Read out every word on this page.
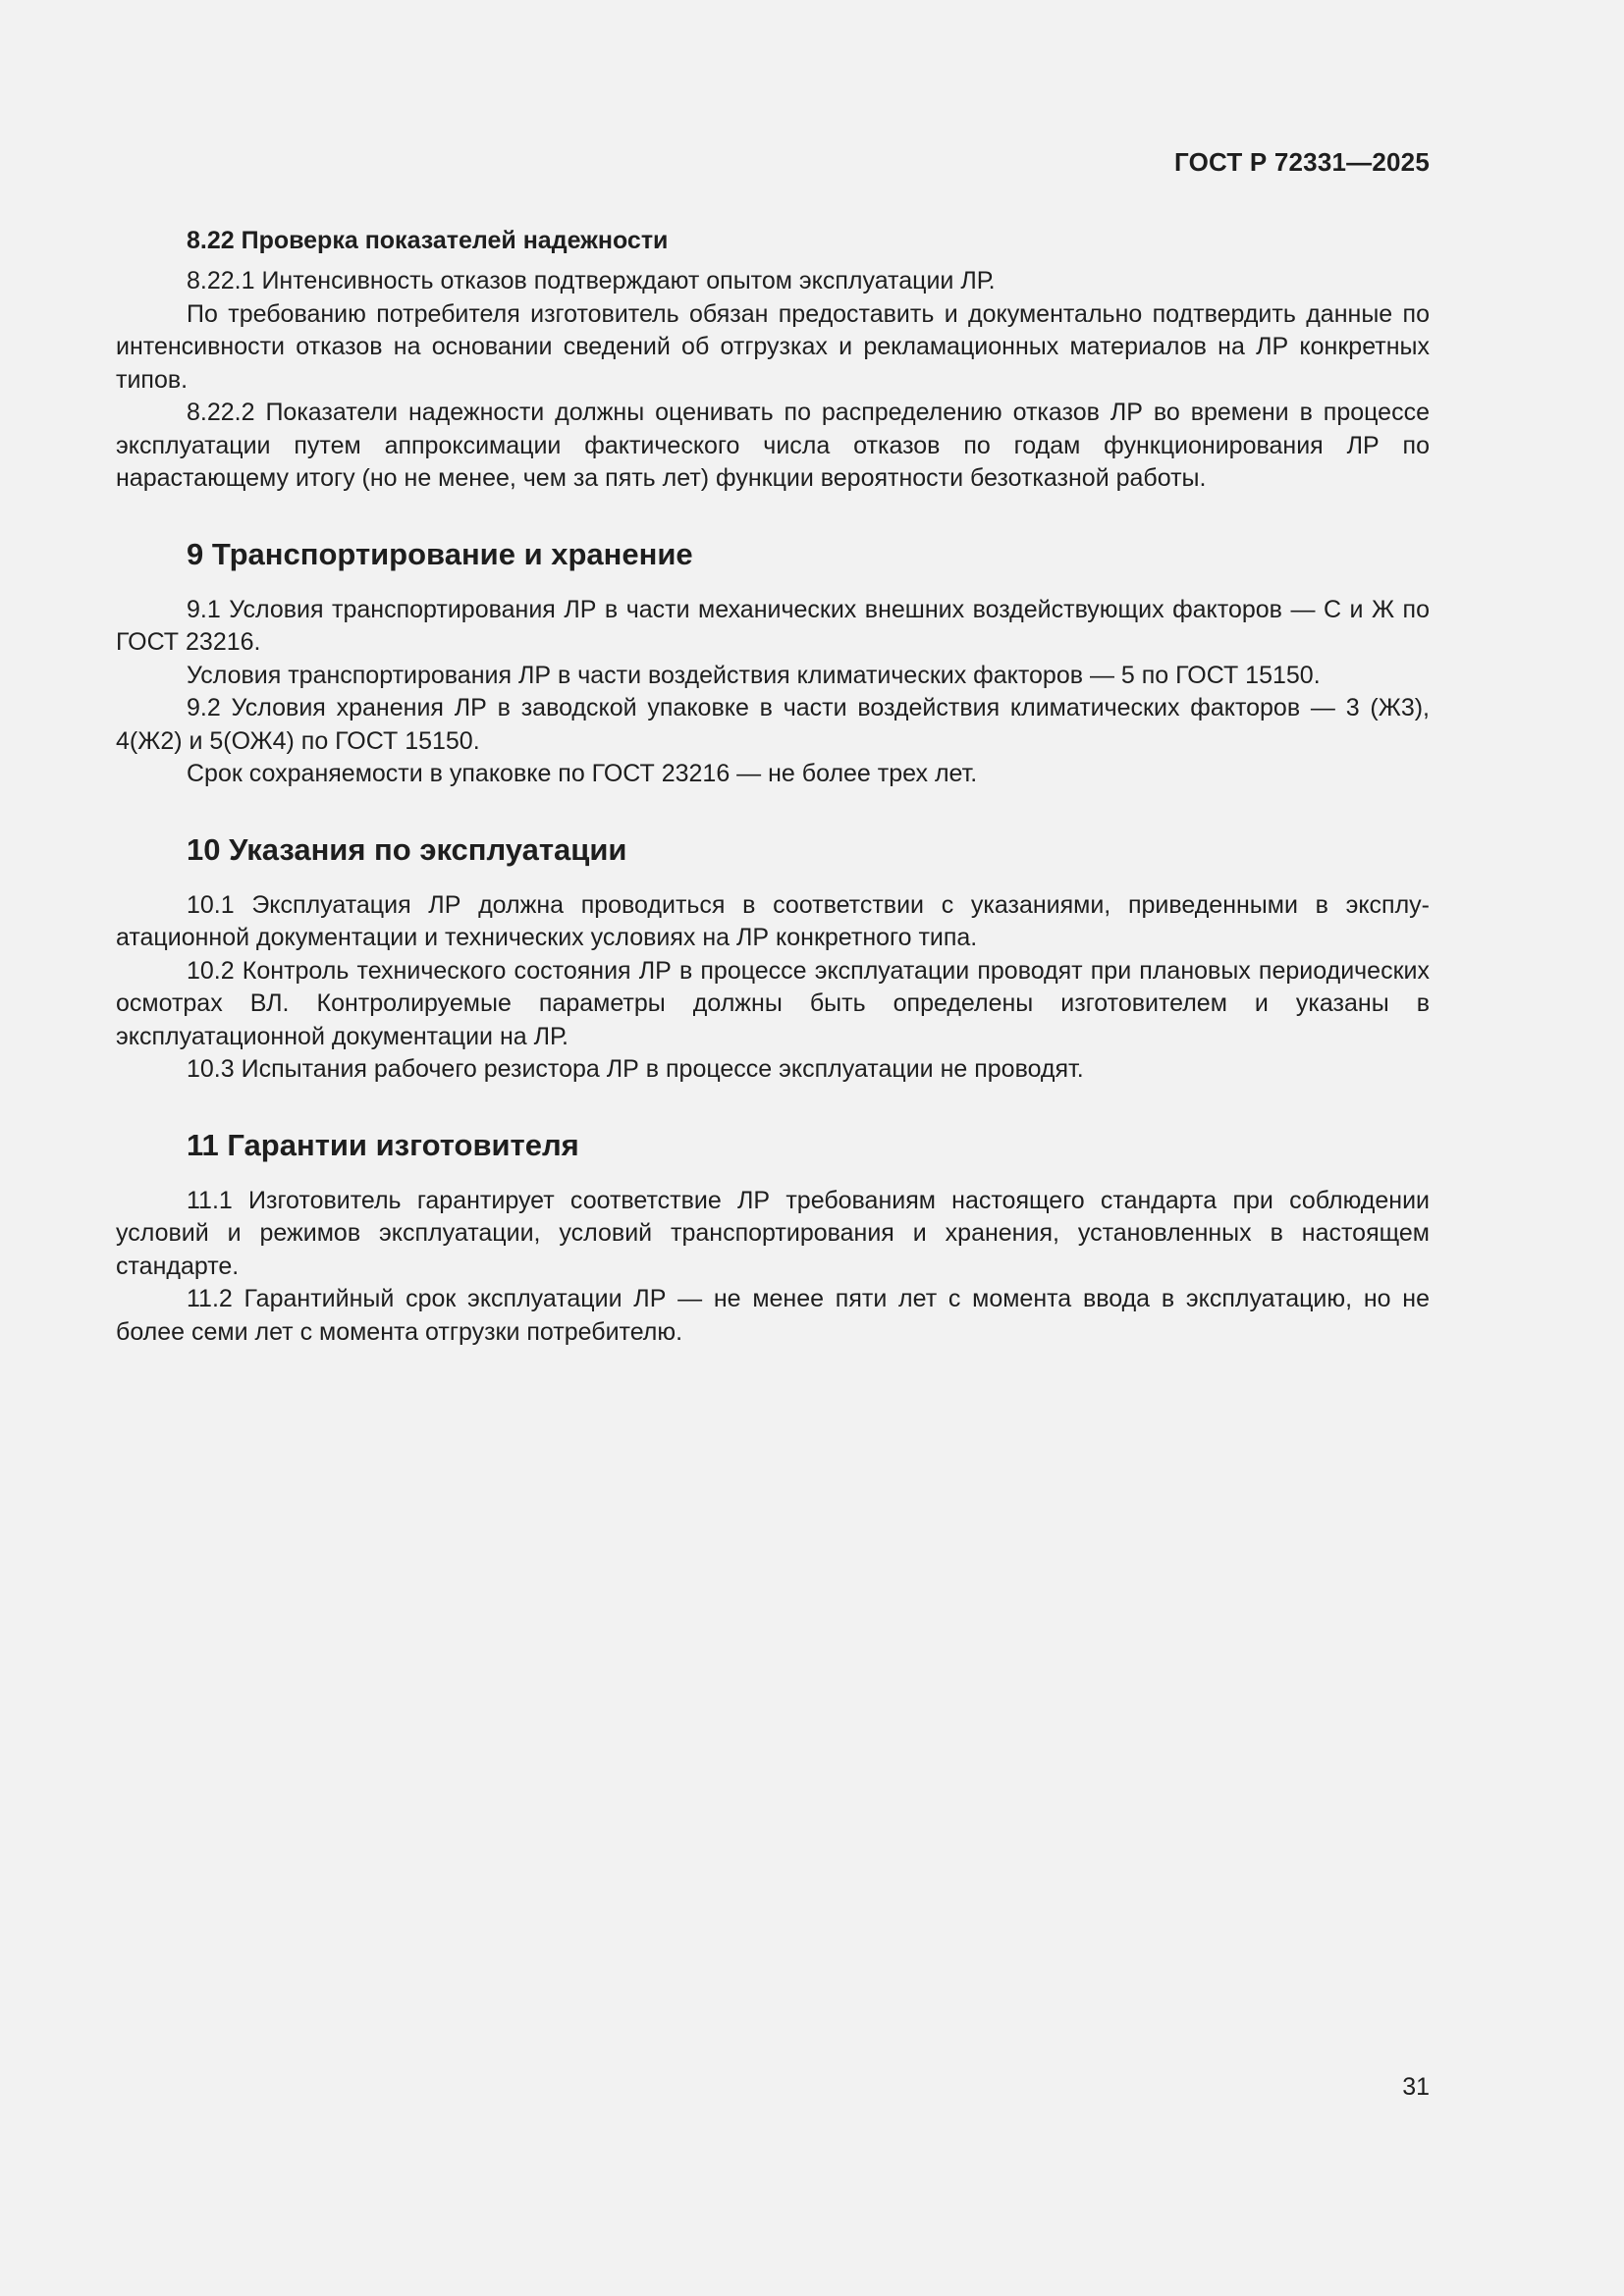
ГОСТ Р 72331—2025
8.22 Проверка показателей надежности

8.22.1 Интенсивность отказов подтверждают опытом эксплуатации ЛР.

По требованию потребителя изготовитель обязан предоставить и документально подтвердить данные по интенсивности отказов на основании сведений об отгрузках и рекламационных материалов на ЛР конкретных типов.

8.22.2 Показатели надежности должны оценивать по распределению отказов ЛР во времени в процессе эксплуатации путем аппроксимации фактического числа отказов по годам функционирования ЛР по нарастающему итогу (но не менее, чем за пять лет) функции вероятности безотказной работы.

9 Транспортирование и хранение

9.1 Условия транспортирования ЛР в части механических внешних воздействующих факторов — С и Ж по ГОСТ 23216.

Условия транспортирования ЛР в части воздействия климатических факторов — 5 по ГОСТ 15150.

9.2 Условия хранения ЛР в заводской упаковке в части воздействия климатических факторов — 3 (Ж3), 4(Ж2) и 5(ОЖ4) по ГОСТ 15150.

Срок сохраняемости в упаковке по ГОСТ 23216 — не более трех лет.

10 Указания по эксплуатации

10.1 Эксплуатация ЛР должна проводиться в соответствии с указаниями, приведенными в эксплуатационной документации и технических условиях на ЛР конкретного типа.

10.2 Контроль технического состояния ЛР в процессе эксплуатации проводят при плановых периодических осмотрах ВЛ. Контролируемые параметры должны быть определены изготовителем и указаны в эксплуатационной документации на ЛР.

10.3 Испытания рабочего резистора ЛР в процессе эксплуатации не проводят.

11 Гарантии изготовителя

11.1 Изготовитель гарантирует соответствие ЛР требованиям настоящего стандарта при соблюдении условий и режимов эксплуатации, условий транспортирования и хранения, установленных в настоящем стандарте.

11.2 Гарантийный срок эксплуатации ЛР — не менее пяти лет с момента ввода в эксплуатацию, но не более семи лет с момента отгрузки потребителю.

31
